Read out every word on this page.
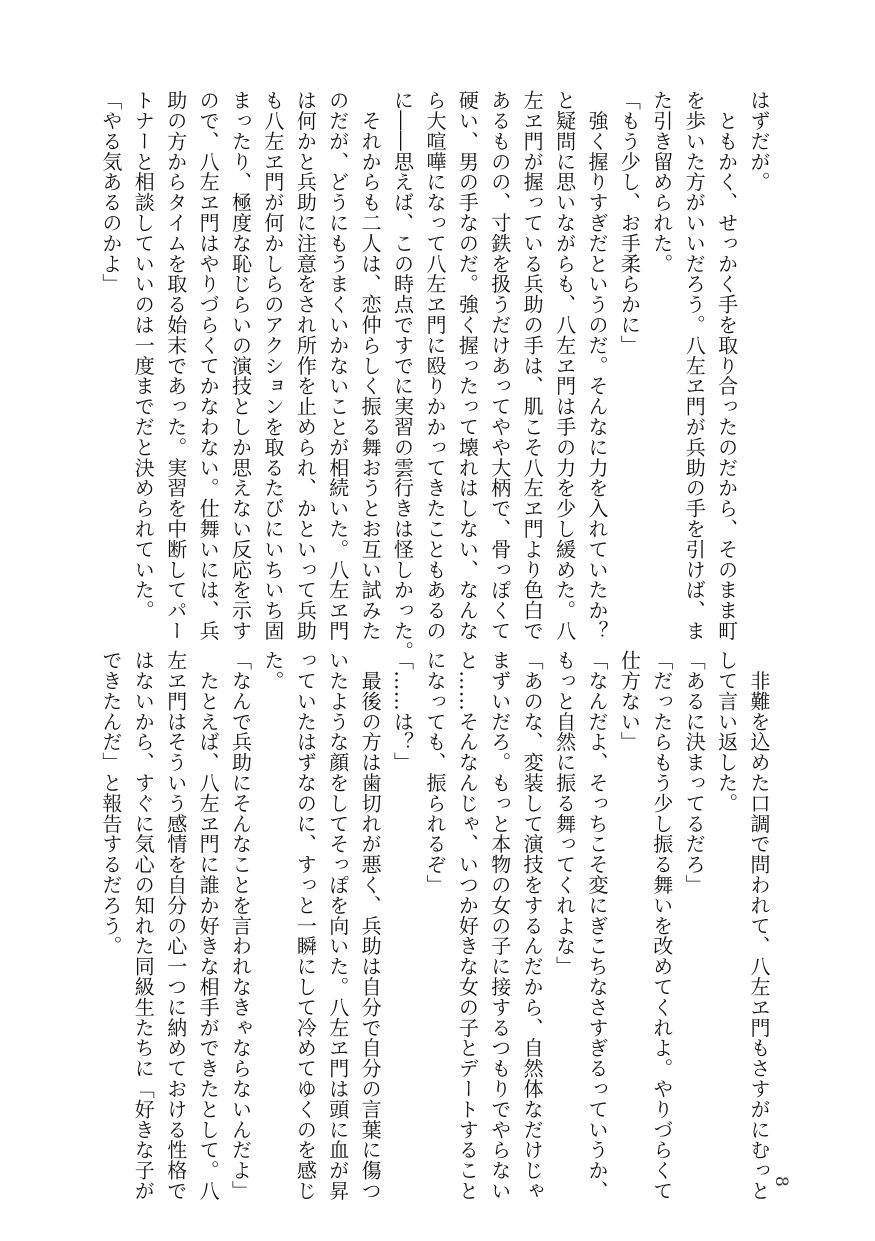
はずだが。
　ともかく、せっかく手を取り合ったのだから、そのまま町
を歩いた方がいいだろう。八左ヱ門が兵助の手を引けば、ま
た引き留められた。
「もう少し、お手柔らかに」
　強く握りすぎだというのだ。そんなに力を入れていたか？
と疑問に思いながらも、八左ヱ門は手の力を少し緩めた。八
左ヱ門が握っている兵助の手は、肌こそ八左ヱ門より色白で
あるものの、寸鉄を扱うだけあってやや大柄で、骨っぽくて
硬い、男の手なのだ。強く握ったって壊れはしない、なんな
ら大喧嘩になって八左ヱ門に殴りかかってきたこともあるの
に――思えば、この時点ですでに実習の雲行きは怪しかった。
　それからも二人は、恋仲らしく振る舞おうとお互い試みた
のだが、どうにもうまくいかないことが相続いた。八左ヱ門
は何かと兵助に注意をされ所作を止められ、かといって兵助
も八左ヱ門が何かしらのアクションを取るたびにいちいち固
まったり、極度な恥じらいの演技としか思えない反応を示す
ので、八左ヱ門はやりづらくてかなわない。仕舞いには、兵
助の方からタイムを取る始末であった。実習を中断してパー
トナーと相談していいのは一度までだと決められていた。
「やる気あるのかよ」
　非難を込めた口調で問われて、八左ヱ門もさすがにむっと
して言い返した。
「あるに決まってるだろ」
「だったらもう少し振る舞いを改めてくれよ。やりづらくて
仕方ない」
「なんだよ、そっちこそ変にぎこちなさすぎるっていうか、
もっと自然に振る舞ってくれよな」
「あのな、変装して演技をするんだから、自然体なだけじゃ
まずいだろ。もっと本物の女の子に接するつもりでやらない
と……そんなんじゃ、いつか好きな女の子とデートすること
になっても、振られるぞ」
「……は？」
　最後の方は歯切れが悪く、兵助は自分で自分の言葉に傷つ
いたような顔をしてそっぽを向いた。八左ヱ門は頭に血が昇
っていたはずなのに、すっと一瞬にして冷めてゆくのを感じ
た。
「なんで兵助にそんなことを言われなきゃならないんだよ」
　たとえば、八左ヱ門に誰か好きな相手ができたとして。八
左ヱ門はそういう感情を自分の心一つに納めておける性格で
はないから、すぐに気心の知れた同級生たちに「好きな子が
できたんだ」と報告するだろう。
8
